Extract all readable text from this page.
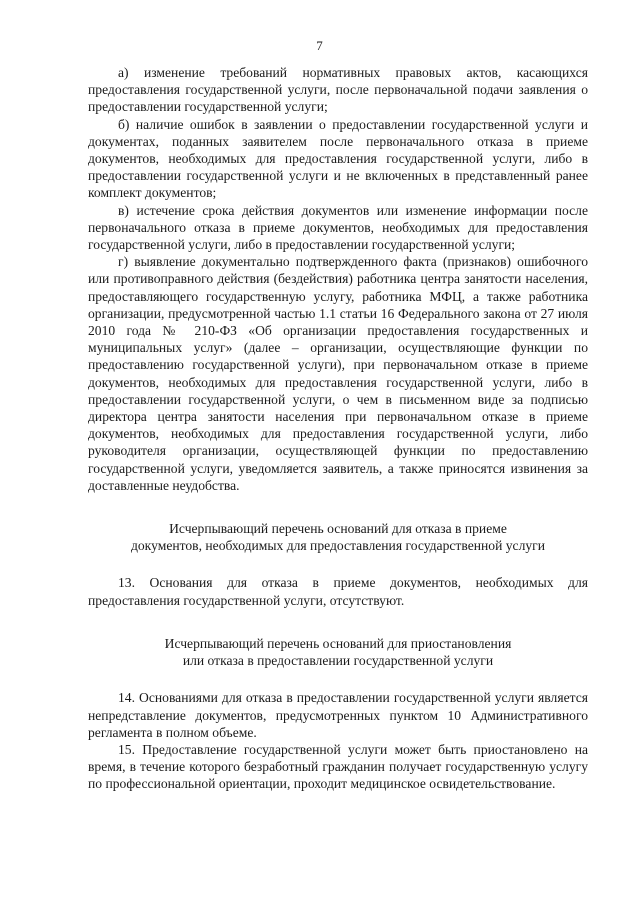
7

а) изменение требований нормативных правовых актов, касающихся предоставления государственной услуги, после первоначальной подачи заявления о предоставлении государственной услуги;

б) наличие ошибок в заявлении о предоставлении государственной услуги и документах, поданных заявителем после первоначального отказа в приеме документов, необходимых для предоставления государственной услуги, либо в предоставлении государственной услуги и не включенных в представленный ранее комплект документов;

в) истечение срока действия документов или изменение информации после первоначального отказа в приеме документов, необходимых для предоставления государственной услуги, либо в предоставлении государственной услуги;

г) выявление документально подтвержденного факта (признаков) ошибочного или противоправного действия (бездействия) работника центра занятости населения, предоставляющего государственную услугу, работника МФЦ, а также работника организации, предусмотренной частью 1.1 статьи 16 Федерального закона от 27 июля 2010 года № 210-ФЗ «Об организации предоставления государственных и муниципальных услуг» (далее – организации, осуществляющие функции по предоставлению государственной услуги), при первоначальном отказе в приеме документов, необходимых для предоставления государственной услуги, либо в предоставлении государственной услуги, о чем в письменном виде за подписью директора центра занятости населения при первоначальном отказе в приеме документов, необходимых для предоставления государственной услуги, либо руководителя организации, осуществляющей функции по предоставлению государственной услуги, уведомляется заявитель, а также приносятся извинения за доставленные неудобства.

Исчерпывающий перечень оснований для отказа в приеме

документов, необходимых для предоставления государственной услуги

13. Основания для отказа в приеме документов, необходимых для предоставления государственной услуги, отсутствуют.

Исчерпывающий перечень оснований для приостановления

или отказа в предоставлении государственной услуги

14. Основаниями для отказа в предоставлении государственной услуги является непредставление документов, предусмотренных пунктом 10 Административного регламента в полном объеме.

15. Предоставление государственной услуги может быть приостановлено на время, в течение которого безработный гражданин получает государственную услугу по профессиональной ориентации, проходит медицинское освидетельствование.
